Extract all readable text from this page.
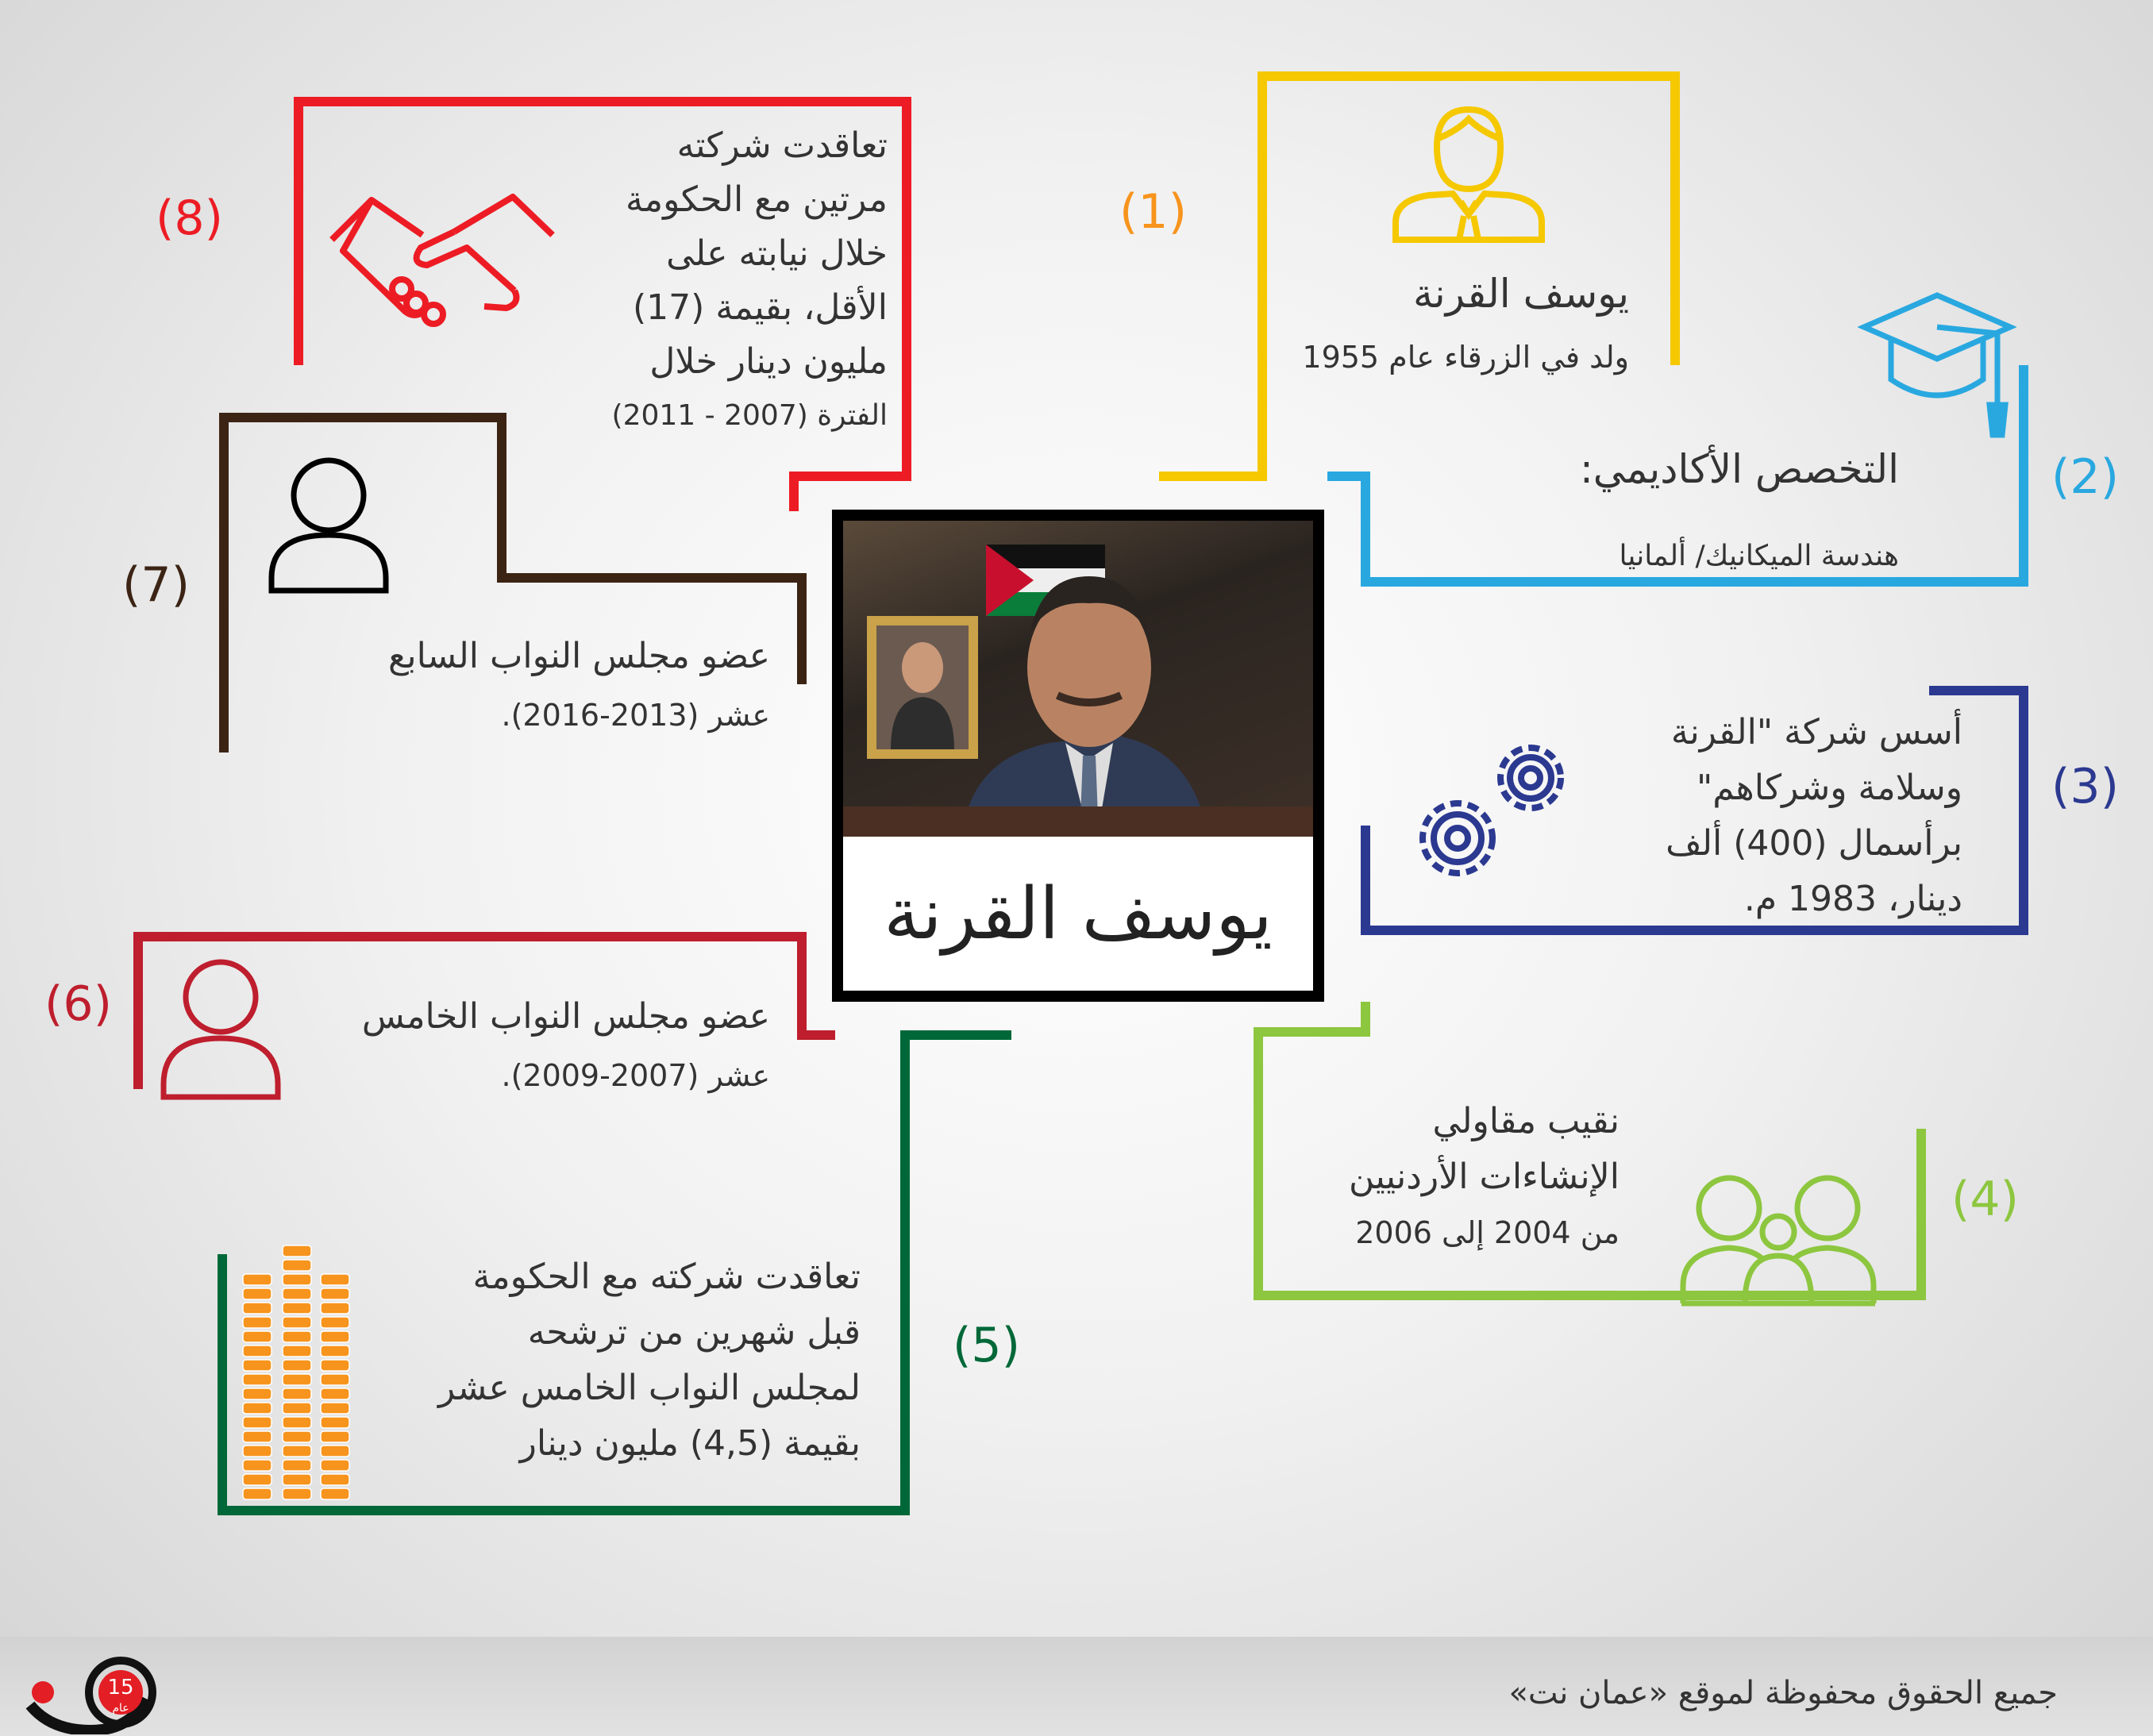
(1)
(2)
(3)
(4)
(5)
(6)
(7)
(8)
يوسف القرنة
ولد في الزرقاء عام 1955
التخصص الأكاديمي:
هندسة الميكانيك/ ألمانيا
أسس شركة "القرنة
وسلامة وشركاهم"
برأسمال (400) ألف
دينار، 1983 م.
نقيب مقاولي
الإنشاءات الأردنيين
من 2004 إلى 2006
تعاقدت شركته مع الحكومة
قبل شهرين من ترشحه
لمجلس النواب الخامس عشر
بقيمة (4,5) مليون دينار
عضو مجلس النواب الخامس
عشر (2007-2009).
عضو مجلس النواب السابع
عشر (2013-2016).
تعاقدت شركته
مرتين مع الحكومة
خلال نيابته على
الأقل، بقيمة (17)
مليون دينار خلال
الفترة (2007 - 2011)
يوسف القرنة
جميع الحقوق محفوظة لموقع «عمان نت»
15
عام
